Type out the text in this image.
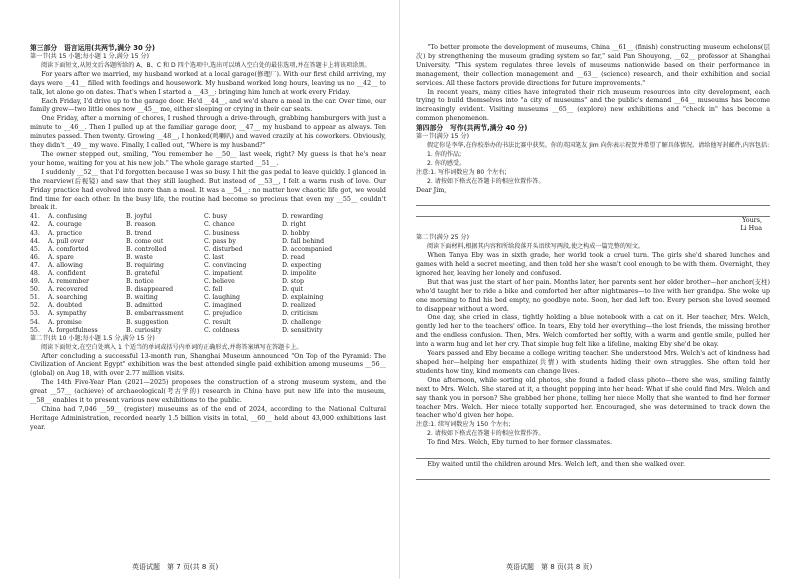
第三部分　语言运用(共两节,满分 30 分)
第一节(共 15 小题;每小题 1 分,满分 15 分)

阅读下面短文,从短文后各题所给的 A、B、C 和 D 四个选项中,选出可以填入空白处的最佳选项,并在答题卡上将该项涂黑。

For years after we married, my husband worked at a local garage(修理厂). With our first child arriving, my days were __41__ filled with feedings and housework. My husband worked long hours, leaving us no __42__ to talk, let alone go on dates. That's when I started a __43__: bringing him lunch at work every Friday.

Each Friday, I'd drive up to the garage door. He'd __44__, and we'd share a meal in the car. Over time, our family grew—two little ones now __45__ me, either sleeping or crying in their car seats.

One Friday, after a morning of chores, I rushed through a drive-through, grabbing hamburgers with just a minute to __46__. Then I pulled up at the familiar garage door, __47__ my husband to appear as always. Ten minutes passed. Then twenty. Growing __48__, I honked(鸣喇叭) and waved crazily at his coworkers. Obviously, they didn't __49__ my wave. Finally, I called out, "Where is my husband?"

The owner stepped out, smiling, "You remember he __50__ last week, right? My guess is that he's near your home, waiting for you at his new job." The whole garage started __51__.

I suddenly __52__ that I'd forgotten because I was so busy. I hit the gas pedal to leave quickly. I glanced in the rearview(后视镜) and saw that they still laughed. But instead of __53__, I felt a warm rush of love. Our Friday practice had evolved into more than a meal. It was a __54__: no matter how chaotic life got, we would find time for each other. In the busy life, the routine had become so precious that even my __55__ couldn't break it.

41.	A. confusing	B. joyful	C. busy	D. rewarding
42.	A. courage	B. reason	C. chance	D. right
43.	A. practice	B. trend	C. business	D. hobby
44.	A. pull over	B. come out	C. pass by	D. fall behind
45.	A. comforted	B. controlled	C. disturbed	D. accompanied
46.	A. spare	B. waste	C. last	D. read
47.	A. allowing	B. requiring	C. convincing	D. expecting
48.	A. confident	B. grateful	C. impatient	D. impolite
49.	A. remember	B. notice	C. believe	D. stop
50.	A. recovered	B. disappeared	C. fell	D. quit
51.	A. searching	B. waiting	C. laughing	D. explaining
52.	A. doubted	B. admitted	C. imagined	D. realized
53.	A. sympathy	B. embarrassment	C. prejudice	D. criticism
54.	A. promise	B. suggestion	C. result	D. challenge
55.	A. forgetfulness	B. curiosity	C. coldness	D. sensitivity
第二节(共 10 小题;每小题 1.5 分,满分 15 分)

阅读下面短文,在空白处填入 1 个适当的单词或括号内单词的正确形式,并将答案填写在答题卡上。

After concluding a successful 13-month run, Shanghai Museum announced "On Top of the Pyramid: The Civilization of Ancient Egypt" exhibition was the best attended single paid exhibition among museums __56__ (global) on Aug 18, with over 2.77 million visits.

The 14th Five-Year Plan (2021—2025) proposes the construction of a strong museum system, and the great __57__ (achieve) of archaeological(考古学的) research in China have put new life into the museum, __58__ enables it to present various new exhibitions to the public.

China had 7,046 __59__ (register) museums as of the end of 2024, according to the National Cultural Heritage Administration, recorded nearly 1.5 billion visits in total, __60__ held about 43,000 exhibitions last year.

英语试题　第 7 页(共 8 页)

"To better promote the development of museums, China __61__ (finish) constructing museum echelons(层次) by strengthening the museum grading system so far," said Pan Shouyong, __62__ professor at Shanghai University. "This system regulates three levels of museums nationwide based on their performance in management, their collection management and __63__ (science) research, and their exhibition and social services. All these factors provide directions for future improvements."

In recent years, many cities have integrated their rich museum resources into city development, each trying to build themselves into "a city of museums" and the public's demand __64__ museums has become increasingly evident. Visiting museums __65__ (explore) new exhibitions and "check in" has become a common phenomenon.

第四部分　写作(共两节,满分 40 分)
第一节(满分 15 分)

假定你是李华,在你校举办的书法比赛中获奖。你的英国笔友 Jim 向你表示祝贺并希望了解具体情况。请给他写封邮件,内容包括:

1. 你的作品;
2. 你的感受。
注意:1. 写作词数应为 80 个左右;
2. 请按如下格式在答题卡的相应位置作答。
Dear Jim,
Yours,
Li Hua
第二节(满分 25 分)

阅读下面材料,根据其内容和所给段落开头语续写两段,使之构成一篇完整的短文。

When Tanya Eby was in sixth grade, her world took a cruel turn. The girls she'd shared lunches and games with held a secret meeting, and then told her she wasn't cool enough to be with them. Overnight, they ignored her, leaving her lonely and confused.

But that was just the start of her pain. Months later, her parents sent her elder brother—her anchor(支柱) who'd taught her to ride a bike and comforted her after nightmares—to live with her grandpa. She woke up one morning to find his bed empty, no goodbye note. Soon, her dad left too. Every person she loved seemed to disappear without a word.

One day, she cried in class, tightly holding a blue notebook with a cat on it. Her teacher, Mrs. Welch, gently led her to the teachers' office. In tears, Eby told her everything—the lost friends, the missing brother and the endless confusion. Then, Mrs. Welch comforted her softly, with a warm and gentle smile, pulled her into a warm hug and let her cry. That simple hug felt like a lifeline, making Eby she'd be okay.

Years passed and Eby became a college writing teacher. She understood Mrs. Welch's act of kindness had shaped her—helping her empathize(共情) with students hiding their own struggles. She often told her students how tiny, kind moments can change lives.

One afternoon, while sorting old photos, she found a faded class photo—there she was, smiling faintly next to Mrs. Welch. She stared at it, a thought popping into her head: What if she could find Mrs. Welch and say thank you in person? She grabbed her phone, telling her niece Molly that she wanted to find her former teacher Mrs. Welch. Her niece totally supported her. Encouraged, she was determined to track down the teacher who'd given her hope.

注意:1. 续写词数应为 150 个左右;
2. 请按如下格式在答题卡的相应位置作答。
To find Mrs. Welch, Eby turned to her former classmates.
Eby waited until the children around Mrs. Welch left, and then she walked over.
英语试题　第 8 页(共 8 页)
